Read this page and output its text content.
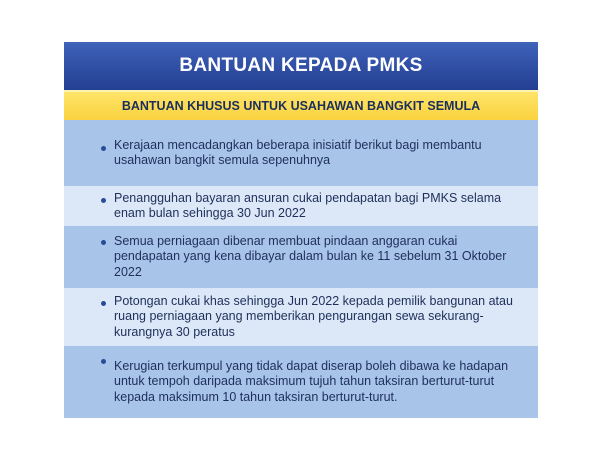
BANTUAN KEPADA PMKS
BANTUAN KHUSUS UNTUK USAHAWAN BANGKIT SEMULA
Kerajaan mencadangkan beberapa inisiatif berikut bagi membantu usahawan bangkit semula sepenuhnya
Penangguhan bayaran ansuran cukai pendapatan bagi PMKS selama enam bulan sehingga 30 Jun 2022
Semua perniagaan dibenar membuat pindaan anggaran cukai pendapatan yang kena dibayar dalam bulan ke 11 sebelum 31 Oktober 2022
Potongan cukai khas sehingga Jun 2022 kepada pemilik bangunan atau ruang perniagaan yang memberikan pengurangan sewa sekurang-kurangnya 30 peratus
Kerugian terkumpul yang tidak dapat diserap boleh dibawa ke hadapan untuk tempoh daripada maksimum tujuh tahun taksiran berturut-turut kepada maksimum 10 tahun taksiran berturut-turut.
